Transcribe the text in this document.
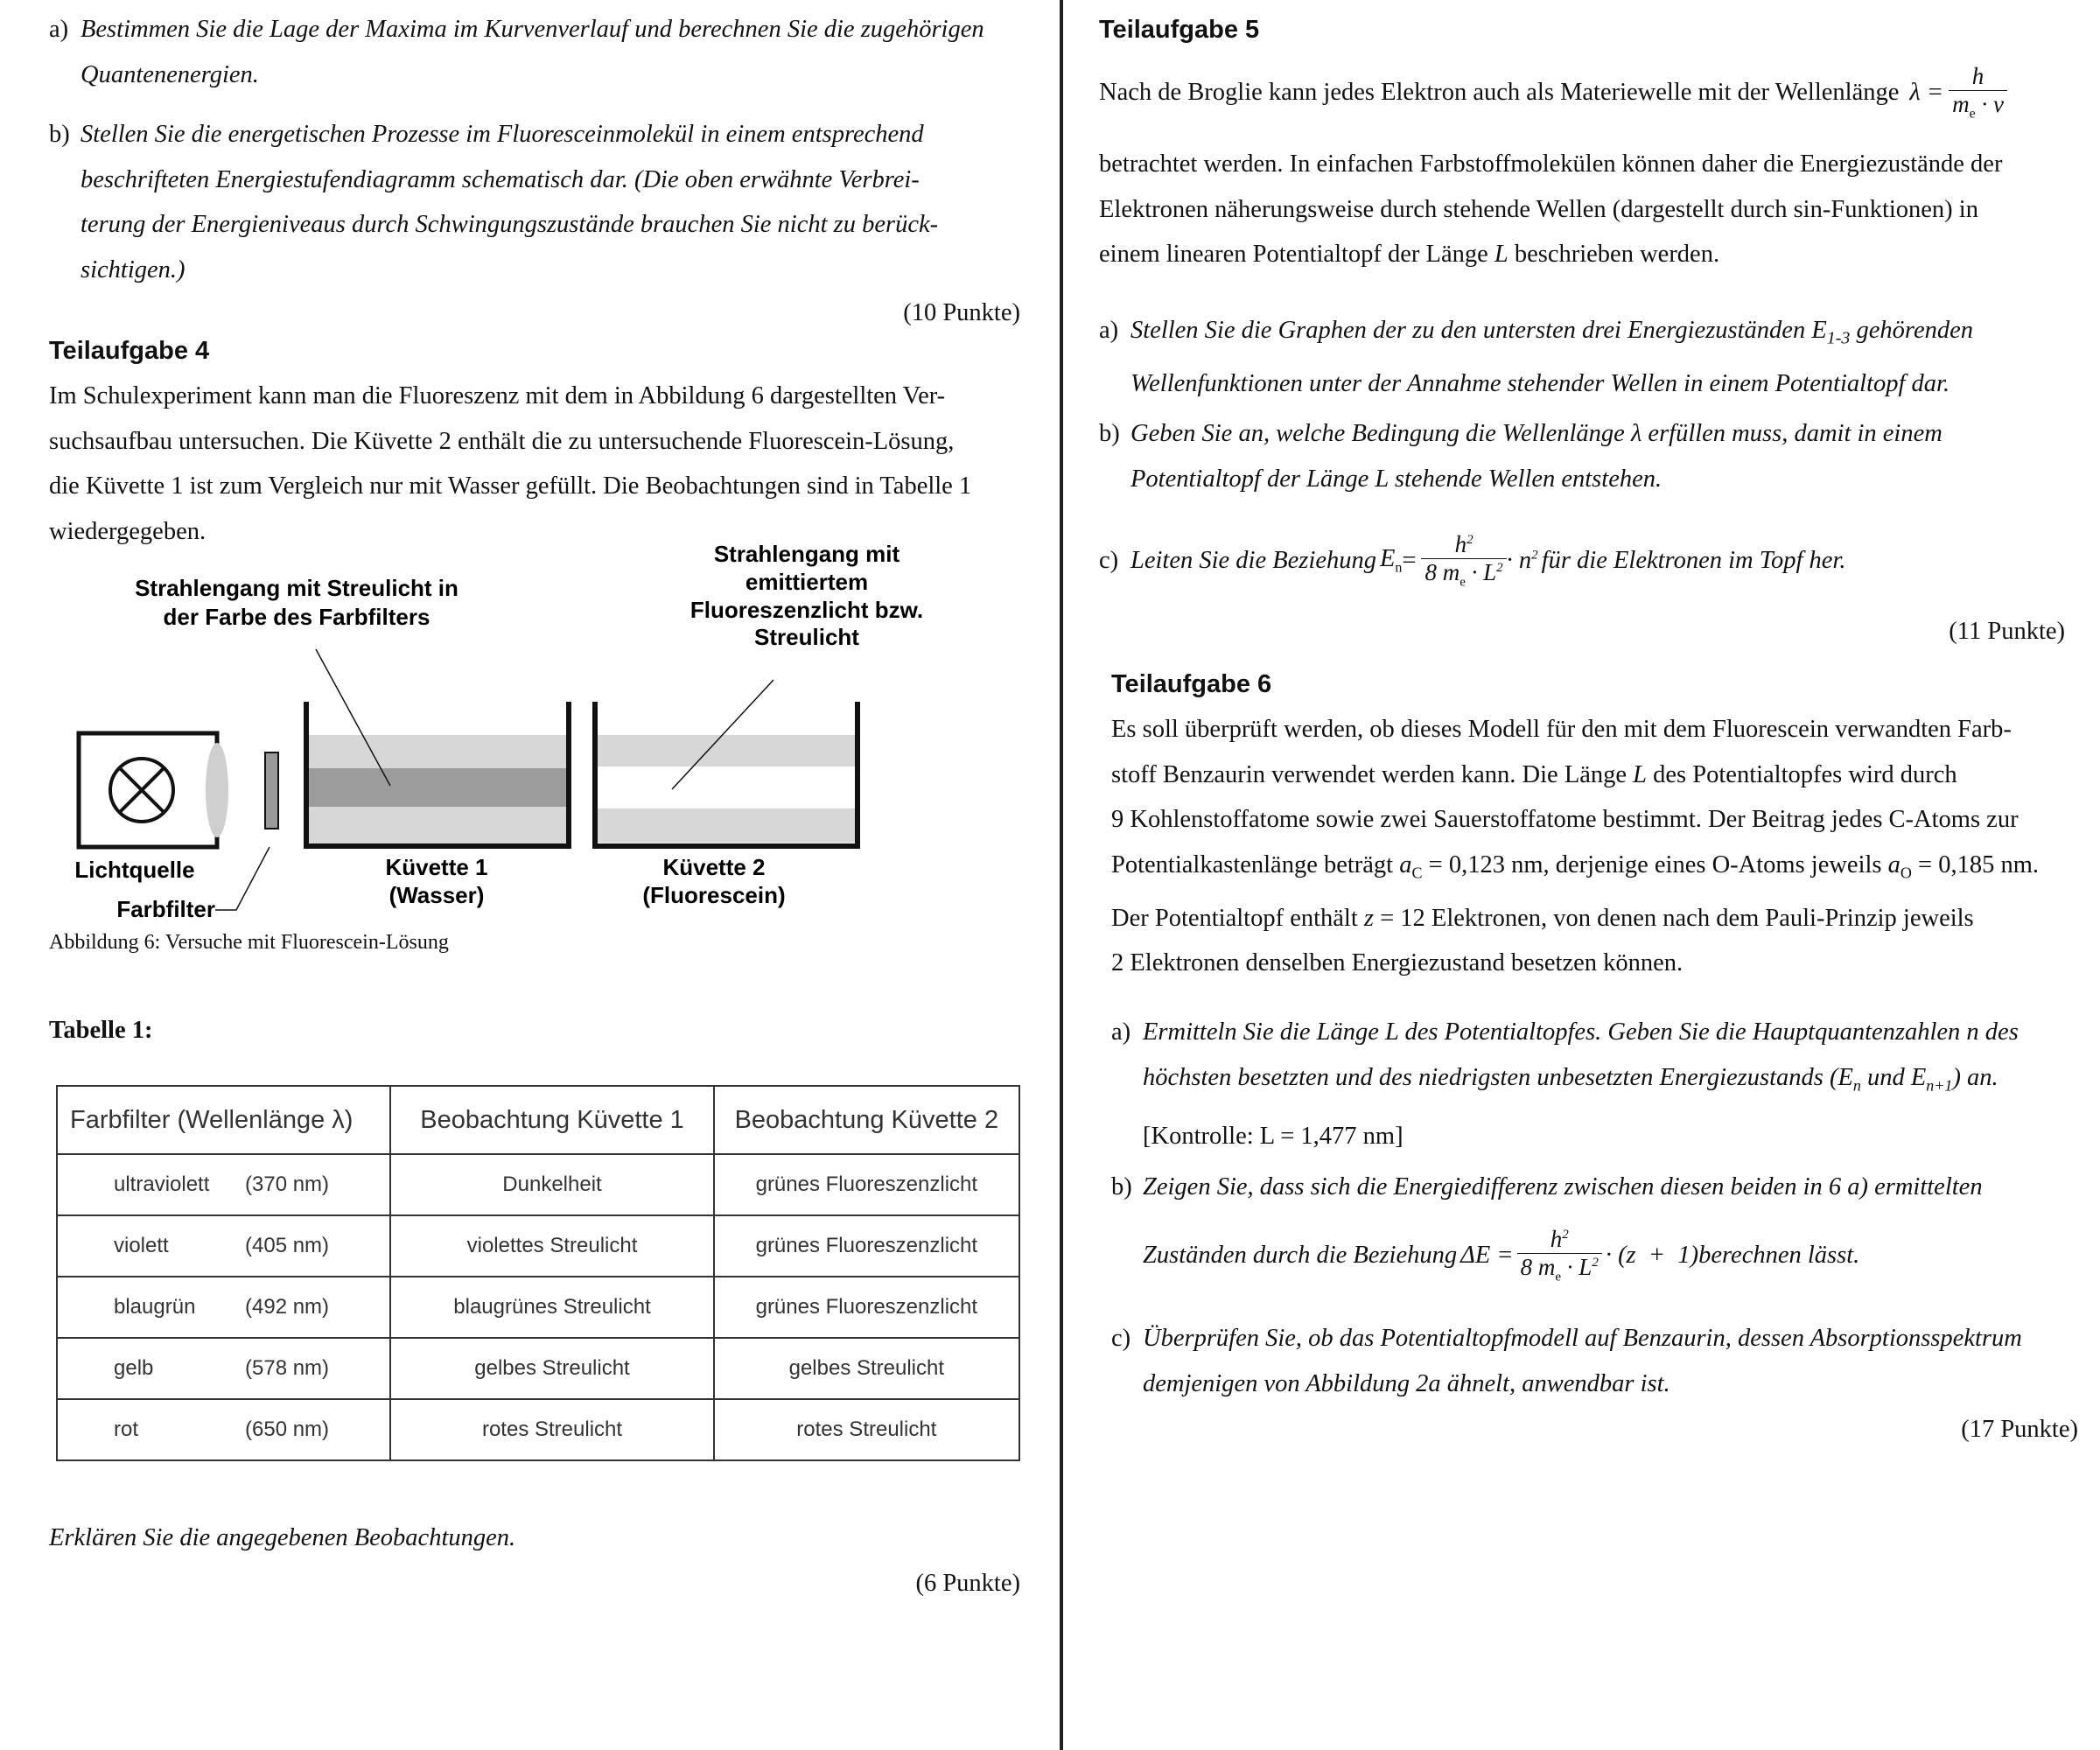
a) Bestimmen Sie die Lage der Maxima im Kurvenverlauf und berechnen Sie die zugehörigen

Quantenenergien.

b) Stellen Sie die energetischen Prozesse im Fluoresceinmolekül in einem entsprechend

beschrifteten Energiestufendiagramm schematisch dar. (Die oben erwähnte Verbrei-

terung der Energieniveaus durch Schwingungszustände brauchen Sie nicht zu berück-

sichtigen.)

(10 Punkte)

Teilaufgabe 4

Im Schulexperiment kann man die Fluoreszenz mit dem in Abbildung 6 dargestellten Ver-

suchsaufbau untersuchen. Die Küvette 2 enthält die zu untersuchende Fluorescein-Lösung,

die Küvette 1 ist zum Vergleich nur mit Wasser gefüllt. Die Beobachtungen sind in Tabelle 1

wiedergegeben.

Strahlengang mit Streulicht in
der Farbe des Farbfilters
Strahlengang mit
emittiertem
Fluoreszenzlicht bzw.
Streulicht
Lichtquelle
Farbfilter
Küvette 1
(Wasser)
Küvette 2
(Fluorescein)

Abbildung 6: Versuche mit Fluorescein-Lösung

Tabelle 1:

Farbfilter (Wellenlänge λ)	Beobachtung Küvette 1	Beobachtung Küvette 2
ultraviolett (370 nm)	Dunkelheit	grünes Fluoreszenzlicht
violett (405 nm)	violettes Streulicht	grünes Fluoreszenzlicht
blaugrün (492 nm)	blaugrünes Streulicht	grünes Fluoreszenzlicht
gelb (578 nm)	gelbes Streulicht	gelbes Streulicht
rot (650 nm)	rotes Streulicht	rotes Streulicht

Erklären Sie die angegebenen Beobachtungen.

(6 Punkte)

Teilaufgabe 5

Nach de Broglie kann jedes Elektron auch als Materiewelle mit der Wellenlänge $\lambda = \frac{h}{m_e \cdot v}$

betrachtet werden. In einfachen Farbstoffmolekülen können daher die Energiezustände der

Elektronen näherungsweise durch stehende Wellen (dargestellt durch sin-Funktionen) in

einem linearen Potentialtopf der Länge L beschrieben werden.

a) Stellen Sie die Graphen der zu den untersten drei Energiezuständen $E_{1-3}$ gehörenden

Wellenfunktionen unter der Annahme stehender Wellen in einem Potentialtopf dar.

b) Geben Sie an, welche Bedingung die Wellenlänge λ erfüllen muss, damit in einem

Potentialtopf der Länge L stehende Wellen entstehen.

c) Leiten Sie die Beziehung $E_n = \frac{h^2}{8 m_e \cdot L^2} \cdot n^2$ für die Elektronen im Topf her.

(11 Punkte)

Teilaufgabe 6

Es soll überprüft werden, ob dieses Modell für den mit dem Fluorescein verwandten Farb-

stoff Benzaurin verwendet werden kann. Die Länge L des Potentialtopfes wird durch

9 Kohlenstoffatome sowie zwei Sauerstoffatome bestimmt. Der Beitrag jedes C-Atoms zur

Potentialkastenlänge beträgt $a_C = 0,123$ nm, derjenige eines O-Atoms jeweils $a_O = 0,185$ nm.

Der Potentialtopf enthält z = 12 Elektronen, von denen nach dem Pauli-Prinzip jeweils

2 Elektronen denselben Energiezustand besetzen können.

a) Ermitteln Sie die Länge L des Potentialtopfes. Geben Sie die Hauptquantenzahlen n des

höchsten besetzten und des niedrigsten unbesetzten Energiezustands ($E_n$ und $E_{n+1}$) an.

[Kontrolle: L = 1,477 nm]

b) Zeigen Sie, dass sich die Energiedifferenz zwischen diesen beiden in 6 a) ermittelten

Zuständen durch die Beziehung $\Delta E = \frac{h^2}{8 m_e \cdot L^2} \cdot (z + 1)$ berechnen lässt.

c) Überprüfen Sie, ob das Potentialtopfmodell auf Benzaurin, dessen Absorptionsspektrum

demjenigen von Abbildung 2a ähnelt, anwendbar ist.

(17 Punkte)
